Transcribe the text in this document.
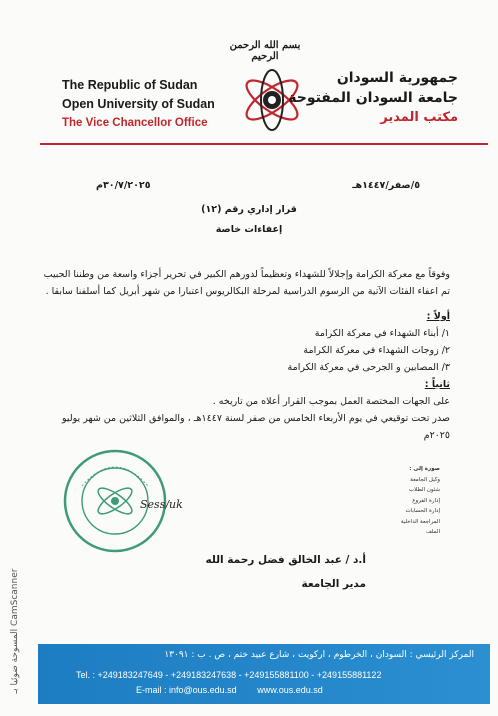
المسوحة ضوئيا بـ CamScanner
بسم الله الرحمن الرحيم
The Republic of Sudan
Open University of Sudan
The Vice Chancellor Office
جمهورية السودان
جامعة السودان المفتوحة
مكتب المدير
٣٠/٧/٢٠٢٥م	٥/صفر/١٤٤٧هـ
قرار إداري رقم (١٢)
إعفاءات خاصة
وفوقاً مع معركة الكرامة وإجلالاً للشهداء وتعظيماً لدورهم الكبير في تحرير أجزاء واسعة من وطننا الحبيب
تم اعفاء الفئات الآتية من الرسوم الدراسية لمرحلة البكالريوس اعتبارا من شهر أبريل كما أسلفنا سابقا .
أولاً :
١/ أبناء الشهداء في معركة الكرامة
٢/ زوجات الشهداء في معركة الكرامة
٣/ المصابين و الجرحى في معركة الكرامة
ثانياً :
على الجهات المختصة العمل بموجب القرار أعلاه من تاريخه .
صدر تحت توقيعي في يوم الأربعاء الخامس من صفر لسنة ١٤٤٧هـ ، والموافق الثلاثين من شهر يوليو
٢٠٢٥م
صورة إلى :
وكيل الجامعة
شئون الطلاب
إدارة الفروع
إدارة الحسابات
المراجعة الداخلية
الملف
Sess/uk
أ.د / عبد الخالق فضل رحمة الله
مدير الجامعة
المركز الرئيسي : السودان ، الخرطوم ، اركويت ، شارع عبيد ختم ، ص . ب : ١٣٠٩١
Tel. : +249183247649 - +249183247638 - +249155881100 - +249155881122
E-mail : info@ous.edu.sd www.ous.edu.sd
